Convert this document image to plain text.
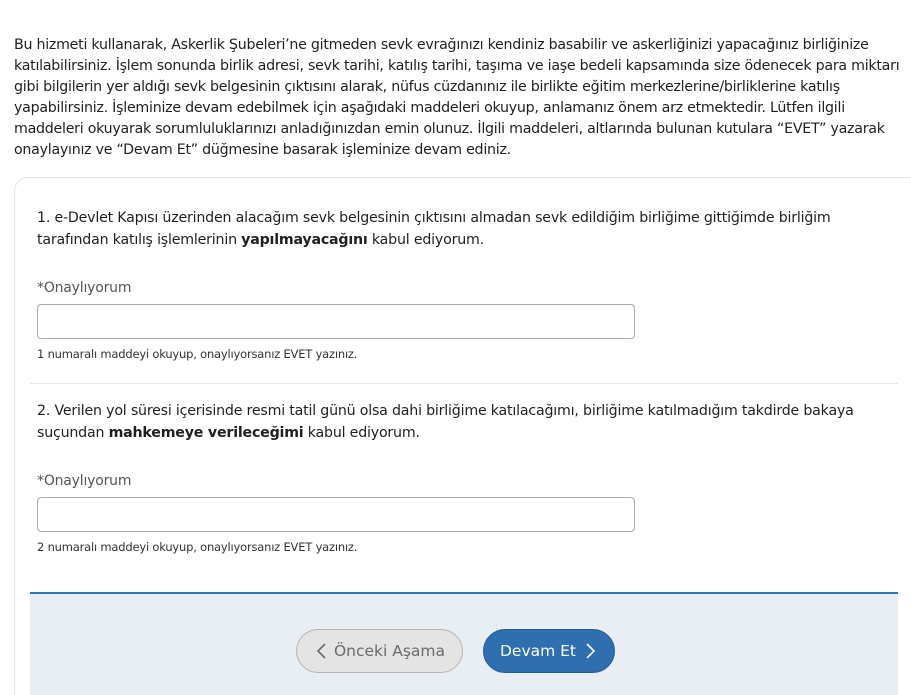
Bu hizmeti kullanarak, Askerlik Şubeleri’ne gitmeden sevk evrağınızı kendiniz basabilir ve askerliğinizi yapacağınız birliğinize katılabilirsiniz. İşlem sonunda birlik adresi, sevk tarihi, katılış tarihi, taşıma ve iaşe bedeli kapsamında size ödenecek para miktarı gibi bilgilerin yer aldığı sevk belgesinin çıktısını alarak, nüfus cüzdanınız ile birlikte eğitim merkezlerine/birliklerine katılış yapabilirsiniz. İşleminize devam edebilmek için aşağıdaki maddeleri okuyup, anlamanız önem arz etmektedir. Lütfen ilgili maddeleri okuyarak sorumluluklarınızı anladığınızdan emin olunuz. İlgili maddeleri, altlarında bulunan kutulara “EVET” yazarak onaylayınız ve “Devam Et” düğmesine basarak işleminize devam ediniz.

1. e-Devlet Kapısı üzerinden alacağım sevk belgesinin çıktısını almadan sevk edildiğim birliğime gittiğimde birliğim tarafından katılış işlemlerinin yapılmayacağını kabul ediyorum.

*Onaylıyorum
1 numaralı maddeyi okuyup, onaylıyorsanız EVET yazınız.

2. Verilen yol süresi içerisinde resmi tatil günü olsa dahi birliğime katılacağımı, birliğime katılmadığım takdirde bakaya suçundan mahkemeye verileceğimi kabul ediyorum.

*Onaylıyorum
2 numaralı maddeyi okuyup, onaylıyorsanız EVET yazınız.
Önceki Aşama	Devam Et
